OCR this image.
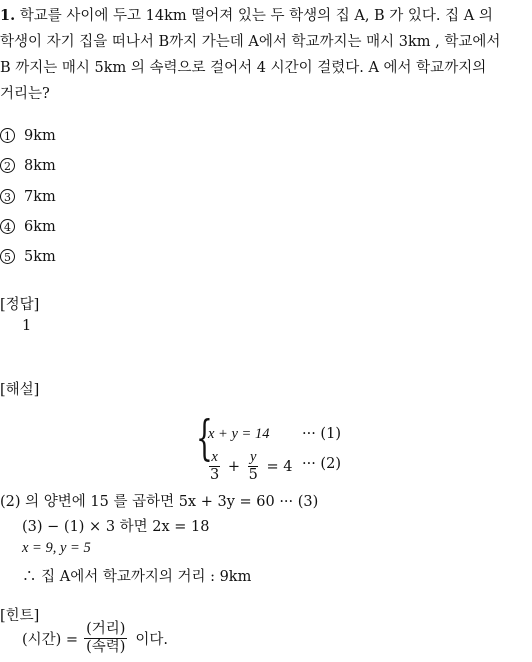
1. 학교를 사이에 두고 14km 떨어져 있는 두 학생의 집 A, B 가 있다. 집 A 의
학생이 자기 집을 떠나서 B까지 가는데 A에서 학교까지는 매시 3km , 학교에서
B 까지는 매시 5km 의 속력으로 걸어서 4 시간이 걸렸다. A 에서 학교까지의
거리는?
1 9km
2 8km
3 7km
4 6km
5 5km
[정답]
1
[해설]
{
x + y = 14 ··· (1)
$\frac{x}{3} + \frac{y}{5} = 4$ ··· (2)
(2) 의 양변에 15 를 곱하면 5x + 3y = 60 ··· (3)
(3) − (1) × 3 하면 2x = 18
x = 9, y = 5
∴ 집 A에서 학교까지의 거리 : 9km
[힌트]
(시간) = $\frac{\text{(거리)}}{\text{(속력)}}$ 이다.
